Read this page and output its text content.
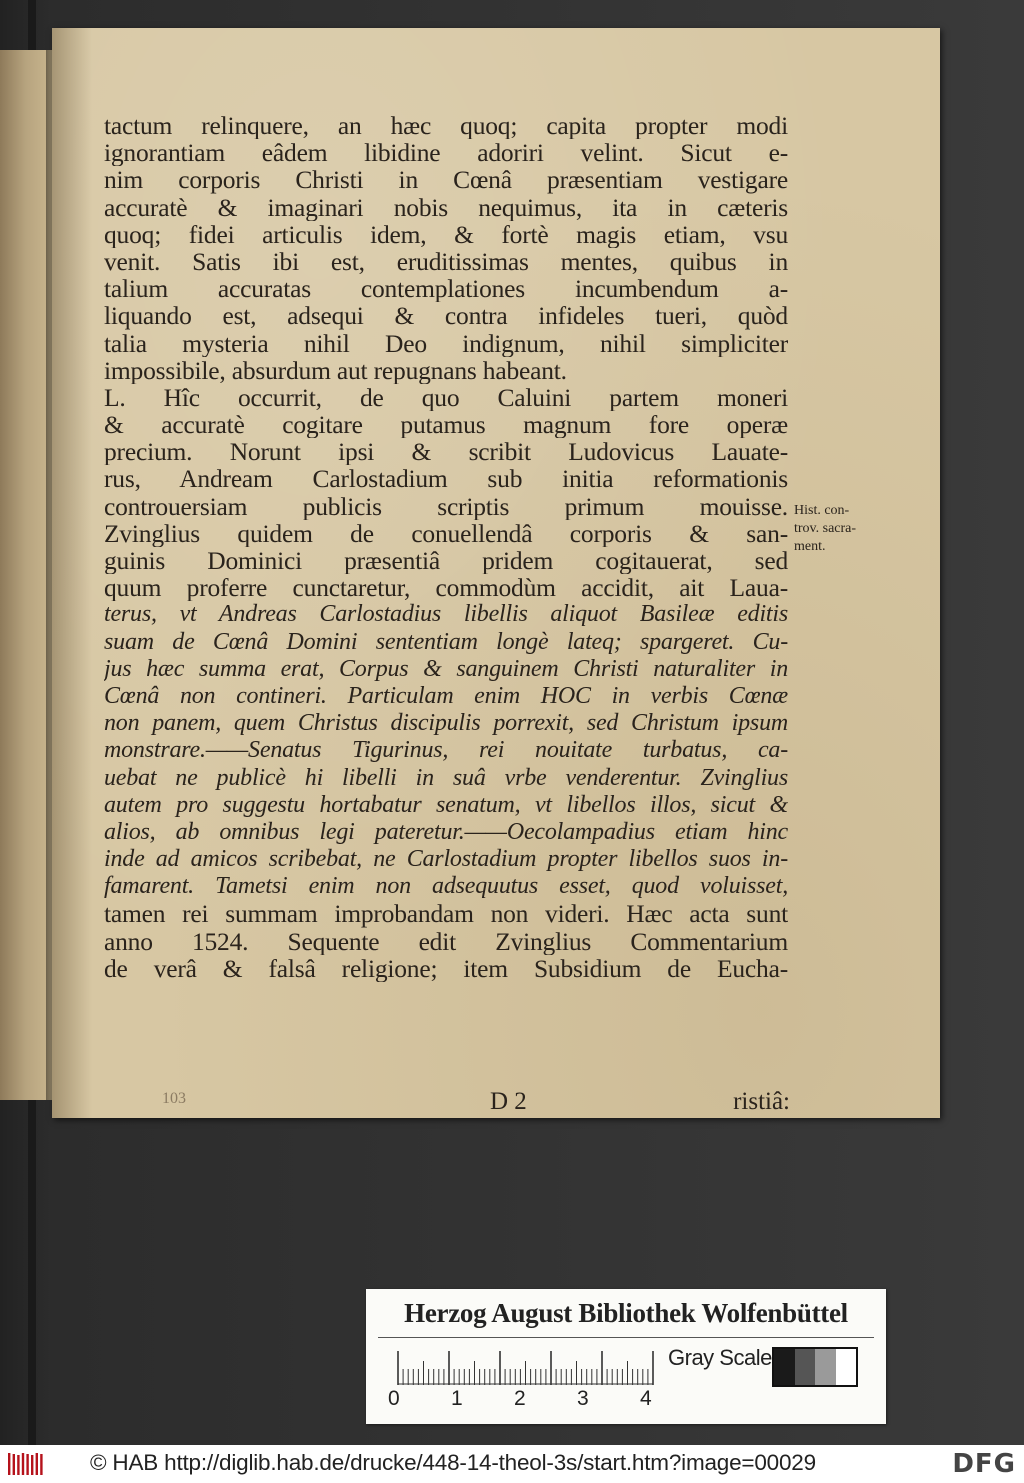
tactum relinquere, an hæc quoq; capita propter modi
ignorantiam eâdem libidine adoriri velint. Sicut e-
nim corporis Christi in Cœnâ præsentiam vestigare
accuratè & imaginari nobis nequimus, ita in cæteris
quoq; fidei articulis idem, & fortè magis etiam, vsu
venit. Satis ibi est, eruditissimas mentes, quibus in
talium accuratas contemplationes incumbendum a-
liquando est, adsequi & contra infideles tueri, quòd
talia mysteria nihil Deo indignum, nihil simpliciter
impossibile, absurdum aut repugnans habeant.
L. Hîc occurrit, de quo Caluini partem moneri
& accuratè cogitare putamus magnum fore operæ
precium. Norunt ipsi & scribit Ludovicus Lauate-
rus, Andream Carlostadium sub initia reformationis
controuersiam publicis scriptis primum mouisse.
Zvinglius quidem de conuellendâ corporis & san-
guinis Dominici præsentiâ pridem cogitauerat, sed
quum proferre cunctaretur, commodùm accidit, ait Laua-
terus, vt Andreas Carlostadius libellis aliquot Basileæ editis
suam de Cœnâ Domini sententiam longè lateq; spargeret. Cu-
jus hæc summa erat, Corpus & sanguinem Christi naturaliter in
Cœnâ non contineri. Particulam enim HOC in verbis Cœnæ
non panem, quem Christus discipulis porrexit, sed Christum ipsum
monstrare.——Senatus Tigurinus, rei nouitate turbatus, ca-
uebat ne publicè hi libelli in suâ vrbe venderentur. Zvinglius
autem pro suggestu hortabatur senatum, vt libellos illos, sicut &
alios, ab omnibus legi pateretur.——Oecolampadius etiam hinc
inde ad amicos scribebat, ne Carlostadium propter libellos suos in-
famarent. Tametsi enim non adsequutus esset, quod voluisset,
tamen rei summam improbandam non videri. Hæc acta sunt
anno 1524. Sequente edit Zvinglius Commentarium
de verâ & falsâ religione; item Subsidium de Eucha-
Hist. con-
trov. sacra-
ment.
103	D 2	ristiâ:
Herzog August Bibliothek Wolfenbüttel
0 1 2 3 4
Gray Scale
© HAB http://diglib.hab.de/drucke/448-14-theol-3s/start.htm?image=00029	DFG
